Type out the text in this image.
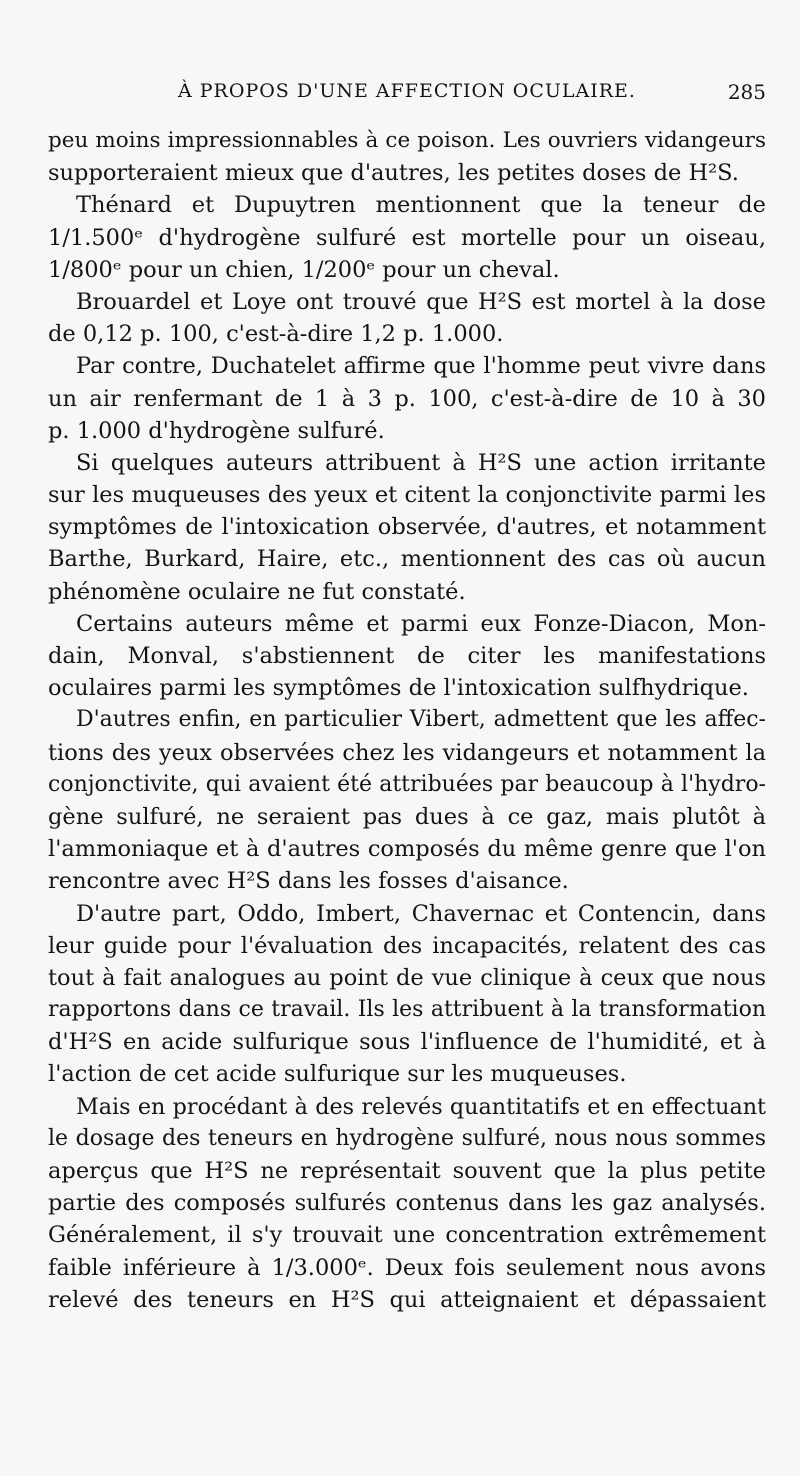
À PROPOS D'UNE AFFECTION OCULAIRE.	285
peu moins impressionnables à ce poison. Les ouvriers vidangeurs
supporteraient mieux que d'autres, les petites doses de H²S.
Thénard et Dupuytren mentionnent que la teneur de
1/1.500ᵉ d'hydrogène sulfuré est mortelle pour un oiseau,
1/800ᵉ pour un chien, 1/200ᵉ pour un cheval.
Brouardel et Loye ont trouvé que H²S est mortel à la dose
de 0,12 p. 100, c'est-à-dire 1,2 p. 1.000.
Par contre, Duchatelet affirme que l'homme peut vivre dans
un air renfermant de 1 à 3 p. 100, c'est-à-dire de 10 à 30
p. 1.000 d'hydrogène sulfuré.
Si quelques auteurs attribuent à H²S une action irritante
sur les muqueuses des yeux et citent la conjonctivite parmi les
symptômes de l'intoxication observée, d'autres, et notamment
Barthe, Burkard, Haire, etc., mentionnent des cas où aucun
phénomène oculaire ne fut constaté.
Certains auteurs même et parmi eux Fonze-Diacon, Mon-
dain, Monval, s'abstiennent de citer les manifestations
oculaires parmi les symptômes de l'intoxication sulfhydrique.
D'autres enfin, en particulier Vibert, admettent que les affec-
tions des yeux observées chez les vidangeurs et notamment la
conjonctivite, qui avaient été attribuées par beaucoup à l'hydro-
gène sulfuré, ne seraient pas dues à ce gaz, mais plutôt à
l'ammoniaque et à d'autres composés du même genre que l'on
rencontre avec H²S dans les fosses d'aisance.
D'autre part, Oddo, Imbert, Chavernac et Contencin, dans
leur guide pour l'évaluation des incapacités, relatent des cas
tout à fait analogues au point de vue clinique à ceux que nous
rapportons dans ce travail. Ils les attribuent à la transformation
d'H²S en acide sulfurique sous l'influence de l'humidité, et à
l'action de cet acide sulfurique sur les muqueuses.
Mais en procédant à des relevés quantitatifs et en effectuant
le dosage des teneurs en hydrogène sulfuré, nous nous sommes
aperçus que H²S ne représentait souvent que la plus petite
partie des composés sulfurés contenus dans les gaz analysés.
Généralement, il s'y trouvait une concentration extrêmement
faible inférieure à 1/3.000ᵉ. Deux fois seulement nous avons
relevé des teneurs en H²S qui atteignaient et dépassaient
